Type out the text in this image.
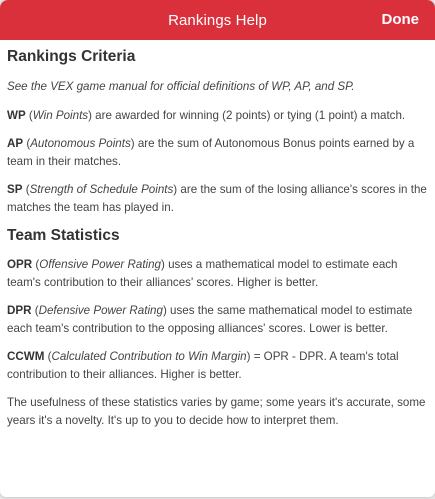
Rankings Help	Done
Rankings Criteria

See the VEX game manual for official definitions of WP, AP, and SP.

WP (Win Points) are awarded for winning (2 points) or tying (1 point) a match.

AP (Autonomous Points) are the sum of Autonomous Bonus points earned by a team in their matches.

SP (Strength of Schedule Points) are the sum of the losing alliance's scores in the matches the team has played in.

Team Statistics

OPR (Offensive Power Rating) uses a mathematical model to estimate each team's contribution to their alliances' scores. Higher is better.

DPR (Defensive Power Rating) uses the same mathematical model to estimate each team's contribution to the opposing alliances' scores. Lower is better.

CCWM (Calculated Contribution to Win Margin) = OPR - DPR. A team's total contribution to their alliances. Higher is better.

The usefulness of these statistics varies by game; some years it's accurate, some years it's a novelty. It's up to you to decide how to interpret them.
